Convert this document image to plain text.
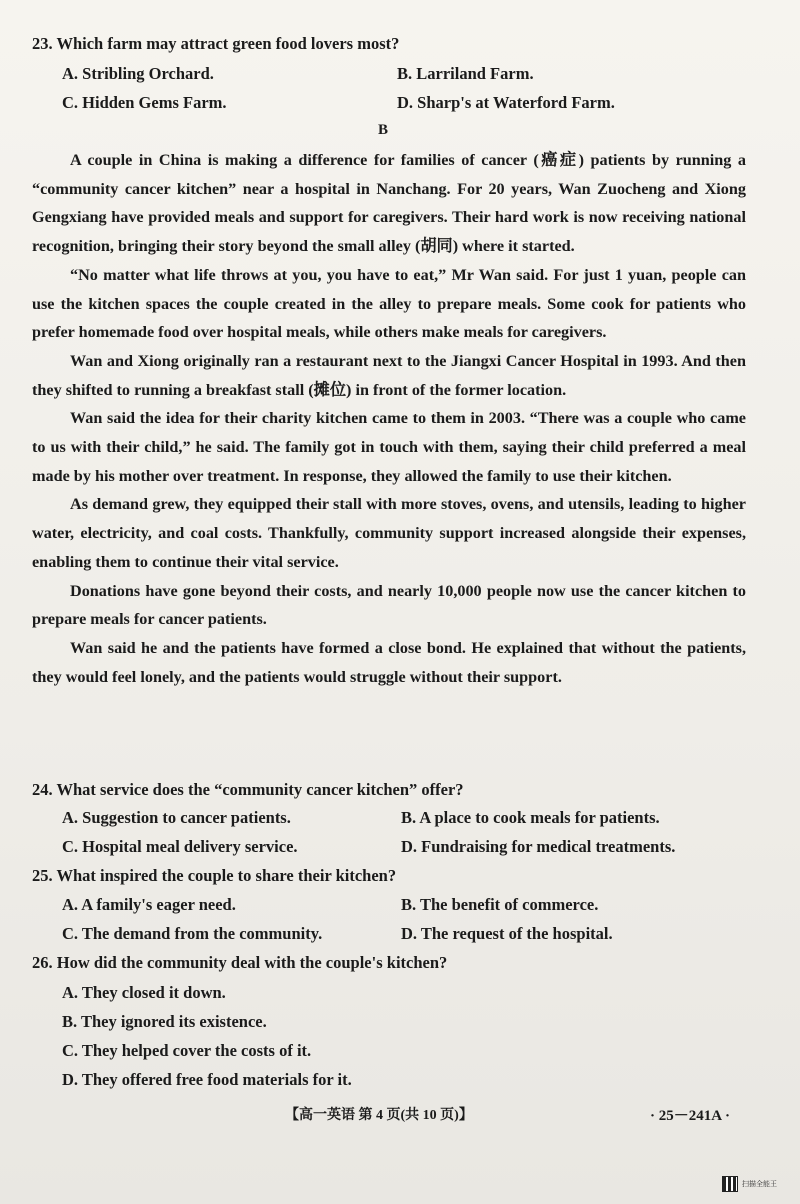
23. Which farm may attract green food lovers most?
A. Stribling Orchard.	B. Larriland Farm.
C. Hidden Gems Farm.	D. Sharp's at Waterford Farm.
B

A couple in China is making a difference for families of cancer (癌症) patients by running a “community cancer kitchen” near a hospital in Nanchang. For 20 years, Wan Zuocheng and Xiong Gengxiang have provided meals and support for caregivers. Their hard work is now receiving national recognition, bringing their story beyond the small alley (胡同) where it started.

“No matter what life throws at you, you have to eat,” Mr Wan said. For just 1 yuan, people can use the kitchen spaces the couple created in the alley to prepare meals. Some cook for patients who prefer homemade food over hospital meals, while others make meals for caregivers.

Wan and Xiong originally ran a restaurant next to the Jiangxi Cancer Hospital in 1993. And then they shifted to running a breakfast stall (摊位) in front of the former location.

Wan said the idea for their charity kitchen came to them in 2003. “There was a couple who came to us with their child,” he said. The family got in touch with them, saying their child preferred a meal made by his mother over treatment. In response, they allowed the family to use their kitchen.

As demand grew, they equipped their stall with more stoves, ovens, and utensils, leading to higher water, electricity, and coal costs. Thankfully, community support increased alongside their expenses, enabling them to continue their vital service.

Donations have gone beyond their costs, and nearly 10,000 people now use the cancer kitchen to prepare meals for cancer patients.

Wan said he and the patients have formed a close bond. He explained that without the patients, they would feel lonely, and the patients would struggle without their support.

24. What service does the “community cancer kitchen” offer?
A. Suggestion to cancer patients.	B. A place to cook meals for patients.
C. Hospital meal delivery service.	D. Fundraising for medical treatments.
25. What inspired the couple to share their kitchen?
A. A family's eager need.	B. The benefit of commerce.
C. The demand from the community.	D. The request of the hospital.
26. How did the community deal with the couple's kitchen?
A. They closed it down.
B. They ignored its existence.
C. They helped cover the costs of it.
D. They offered free food materials for it.
【高一英语 第 4 页(共 10 页)】	· 25－241A ·
扫描全能王
